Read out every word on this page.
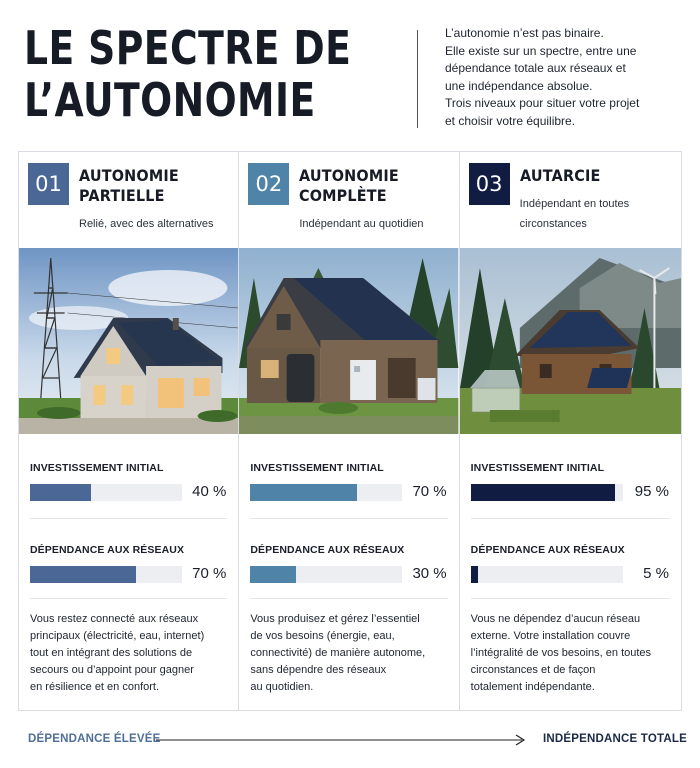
LE SPECTRE DE
L’AUTONOMIE
L’autonomie n’est pas binaire.
Elle existe sur un spectre, entre une
dépendance totale aux réseaux et
une indépendance absolue.
Trois niveaux pour situer votre projet
et choisir votre équilibre.
01	AUTONOMIE
PARTIELLE
Relié, avec des alternatives
INVESTISSEMENT INITIAL
40 %
DÉPENDANCE AUX RÉSEAUX
70 %
Vous restez connecté aux réseaux
principaux (électricité, eau, internet)
tout en intégrant des solutions de
secours ou d’appoint pour gagner
en résilience et en confort.
02	AUTONOMIE
COMPLÈTE
Indépendant au quotidien
INVESTISSEMENT INITIAL
70 %
DÉPENDANCE AUX RÉSEAUX
30 %
Vous produisez et gérez l’essentiel
de vos besoins (énergie, eau,
connectivité) de manière autonome,
sans dépendre des réseaux
au quotidien.
03	AUTARCIE
Indépendant en toutes
circonstances
INVESTISSEMENT INITIAL
95 %
DÉPENDANCE AUX RÉSEAUX
5 %
Vous ne dépendez d’aucun réseau
externe. Votre installation couvre
l’intégralité de vos besoins, en toutes
circonstances et de façon
totalement indépendante.
DÉPENDANCE ÉLEVÉE	INDÉPENDANCE TOTALE
